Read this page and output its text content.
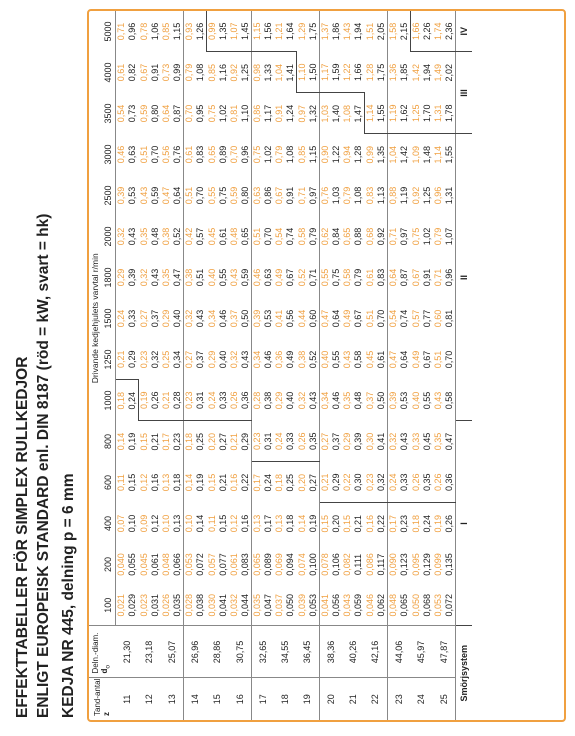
EFFEKTTABELLER FÖR SIMPLEX RULLKEDJOR ENLIGT EUROPEISK STANDARD enl. DIN 8187 (röd = kW, svart = hk) KEDJA NR 445, delning p = 6 mm Tand-antal
z	Deln.-diam.
$d_o$	Drivande kedjehjulets varvtal r/min														
		100	200	400	600	800	1000	1250	1500	1800	2000	2500	3000	3500	4000	5000
11	21,30	0,021	0,040	0,07	0,11	0,14	0,18	0,21	0,24	0,29	0,32	0,39	0,46	0,54	0,61	0,71
		0,029	0,055	0,10	0,15	0,19	0,24	0,29	0,33	0,39	0,43	0,53	0,63	0,73	0,82	0,96
12	23,18	0,023	0,045	0,09	0,12	0,15	0,19	0,23	0,27	0,32	0,35	0,43	0,51	0,59	0,67	0,78
		0,031	0,061	0,12	0,16	0,21	0,26	0,32	0,37	0,43	0,48	0,59	0,70	0,80	0,91	1,06
13	25,07	0,026	0,048	0,10	0,13	0,17	0,21	0,25	0,29	0,35	0,38	0,47	0,56	0,64	0,73	0,85
		0,035	0,066	0,13	0,18	0,23	0,28	0,34	0,40	0,47	0,52	0,64	0,76	0,87	0,99	1,15
14	26,96	0,028	0,053	0,10	0,14	0,18	0,23	0,27	0,32	0,38	0,42	0,51	0,61	0,70	0,79	0,93
		0,038	0,072	0,14	0,19	0,25	0,31	0,37	0,43	0,51	0,57	0,70	0,83	0,95	1,08	1,26
15	28,86	0,030	0,057	0,11	0,15	0,20	0,24	0,29	0,34	0,40	0,45	0,55	0,65	0,75	0,85	0,99
		0,041	0,077	0,15	0,21	0,27	0,33	0,40	0,46	0,55	0,61	0,75	0,89	1,02	1,16	1,35
16	30,75	0,032	0,061	0,12	0,16	0,21	0,26	0,32	0,37	0,43	0,48	0,59	0,70	0,81	0,92	1,07
		0,044	0,083	0,16	0,22	0,29	0,36	0,43	0,50	0,59	0,65	0,80	0,96	1,10	1,25	1,45
17	32,65	0,035	0,065	0,13	0,17	0,23	0,28	0,34	0,39	0,46	0,51	0,63	0,75	0,86	0,98	1,15
		0,047	0,089	0,17	0,24	0,31	0,38	0,46	0,53	0,63	0,70	0,86	1,02	1,17	1,33	1,56
18	34,55	0,037	0,069	0,13	0,18	0,24	0,29	0,36	0,41	0,49	0,54	0,67	0,79	0,91	1,04	1,21
		0,050	0,094	0,18	0,25	0,33	0,40	0,49	0,56	0,67	0,74	0,91	1,08	1,24	1,41	1,64
19	36,45	0,039	0,074	0,14	0,20	0,26	0,32	0,38	0,44	0,52	0,58	0,71	0,85	0,97	1,10	1,29
		0,053	0,100	0,19	0,27	0,35	0,43	0,52	0,60	0,71	0,79	0,97	1,15	1,32	1,50	1,75
20	38,36	0,041	0,078	0,15	0,21	0,27	0,34	0,40	0,47	0,55	0,62	0,76	0,90	1,03	1,17	1,37
		0,056	0,106	0,20	0,29	0,37	0,46	0,55	0,64	0,75	0,84	1,03	1,22	1,40	1,59	1,86
21	40,26	0,043	0,082	0,15	0,22	0,29	0,35	0,43	0,49	0,58	0,65	0,79	0,94	1,08	1,22	1,43
		0,059	0,111	0,21	0,30	0,39	0,48	0,58	0,67	0,79	0,88	1,08	1,28	1,47	1,66	1,94
22	42,16	0,046	0,086	0,16	0,23	0,30	0,37	0,45	0,51	0,61	0,68	0,83	0,99	1,14	1,28	1,51
		0,062	0,117	0,22	0,32	0,41	0,50	0,61	0,70	0,83	0,92	1,13	1,35	1,55	1,75	2,05
23	44,06	0,048	0,090	0,17	0,24	0,32	0,39	0,47	0,54	0,64	0,71	0,88	1,04	1,19	1,36	1,58
		0,065	0,123	0,23	0,33	0,43	0,53	0,64	0,74	0,87	0,97	1,19	1,42	1,62	1,85	2,15
24	45,97	0,050	0,095	0,18	0,26	0,33	0,40	0,49	0,57	0,67	0,75	0,92	1,09	1,25	1,42	1,66
		0,068	0,129	0,24	0,35	0,45	0,55	0,67	0,77	0,91	1,02	1,25	1,48	1,70	1,94	2,26
25	47,87	0,053	0,099	0,19	0,26	0,35	0,43	0,51	0,60	0,71	0,79	0,96	1,14	1,31	1,49	1,74
		0,072	0,135	0,26	0,36	0,47	0,58	0,70	0,81	0,96	1,07	1,31	1,55	1,78	2,02	2,36
Smörjsystem		I					II							III		IV
